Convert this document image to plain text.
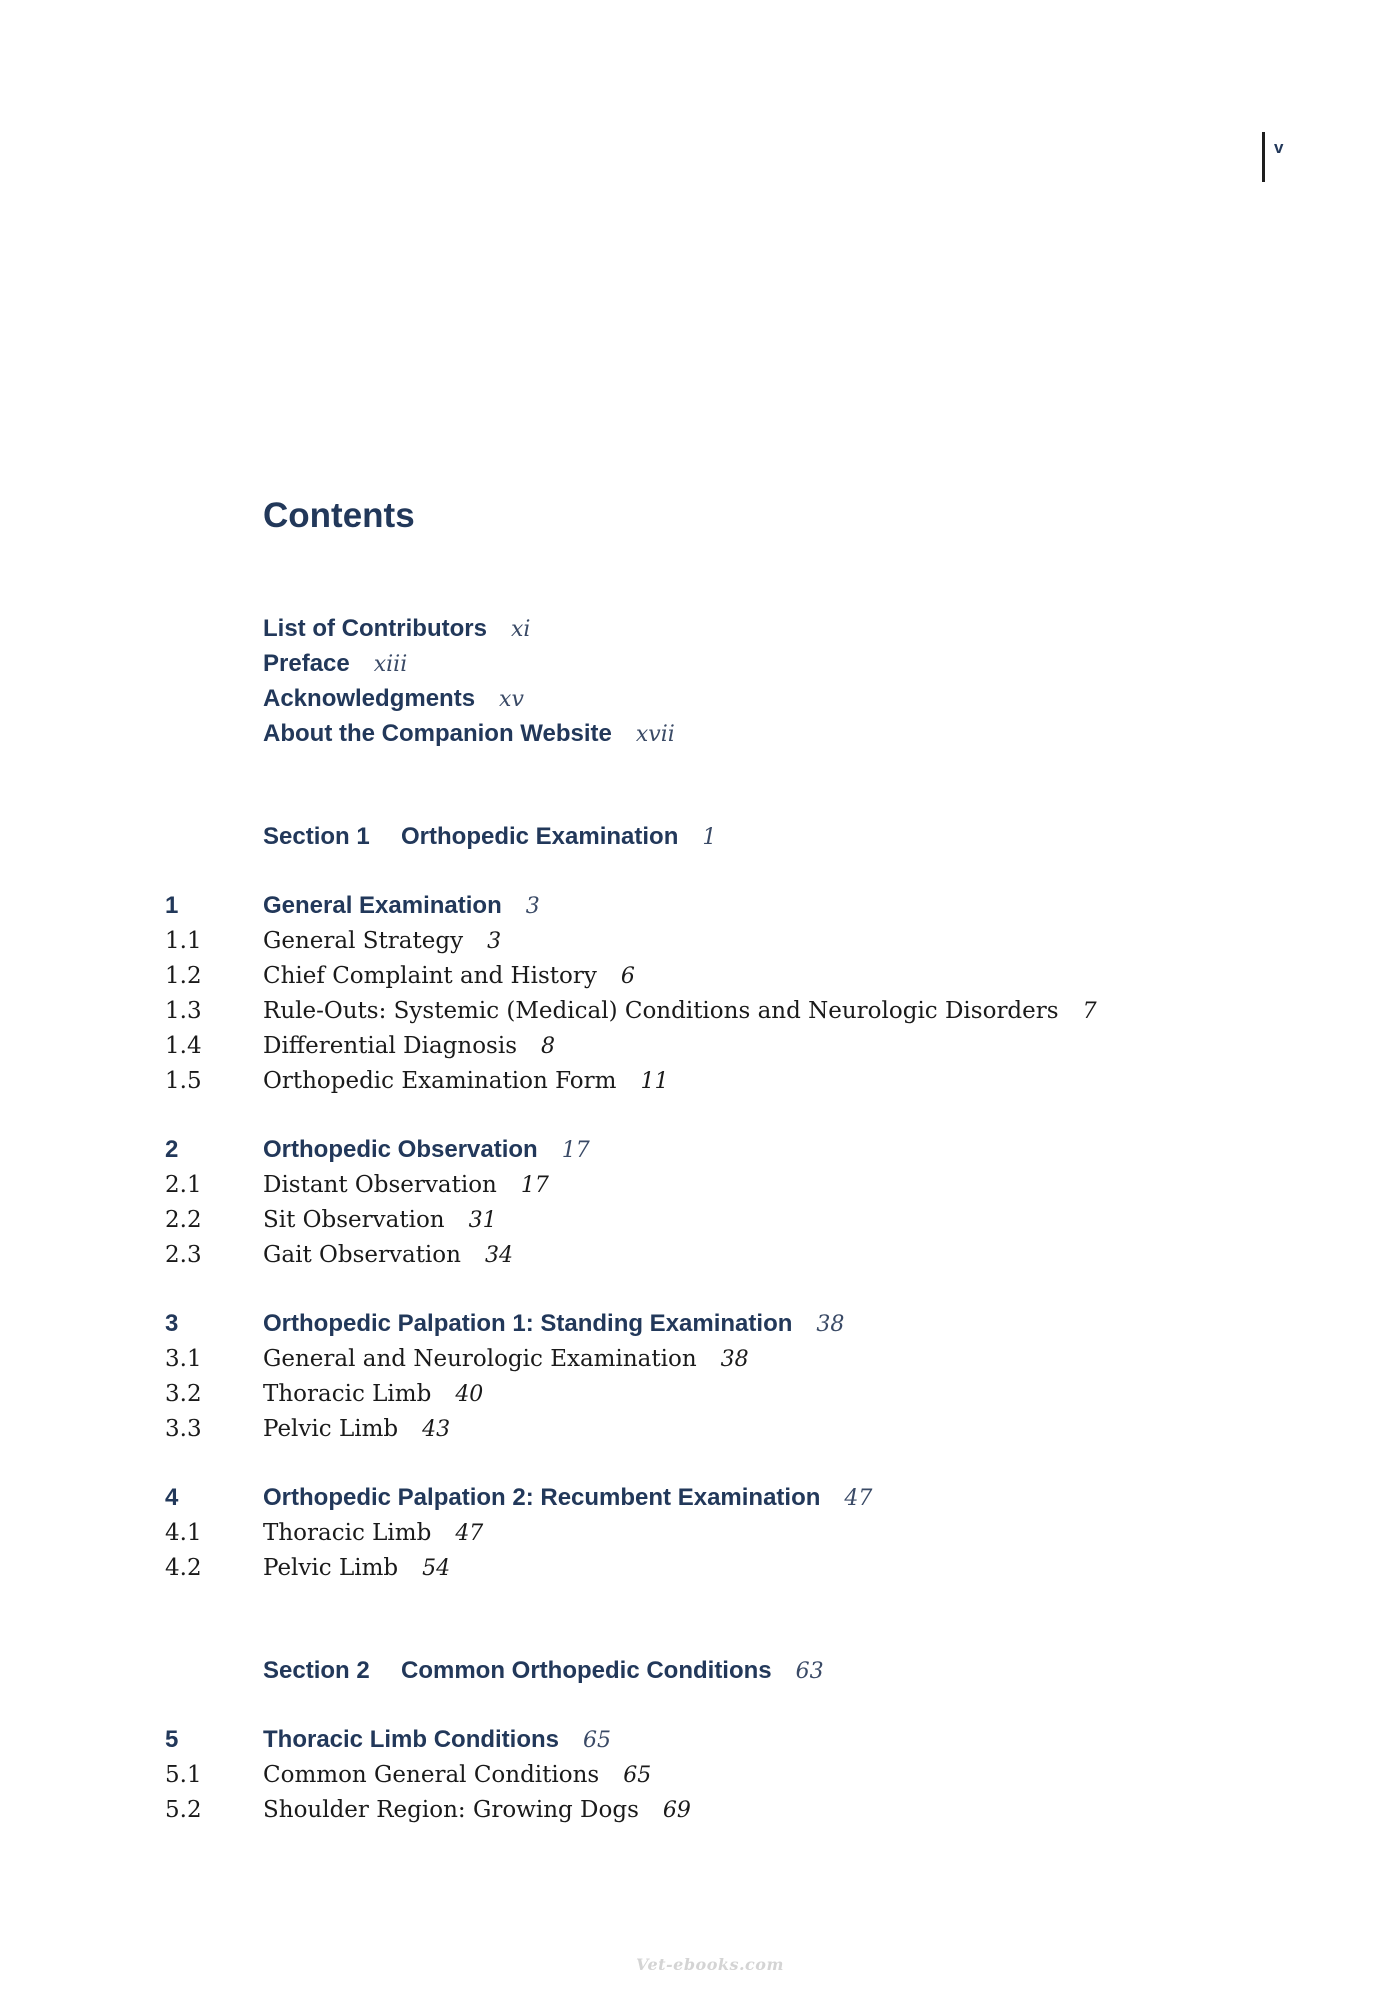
v
Contents
List of Contributors xi
Preface xiii
Acknowledgments xv
About the Companion Website xvii
Section 1 Orthopedic Examination 1
1	General Examination 3
1.1	General Strategy 3
1.2	Chief Complaint and History 6
1.3	Rule-Outs: Systemic (Medical) Conditions and Neurologic Disorders 7
1.4	Differential Diagnosis 8
1.5	Orthopedic Examination Form 11
2	Orthopedic Observation 17
2.1	Distant Observation 17
2.2	Sit Observation 31
2.3	Gait Observation 34
3	Orthopedic Palpation 1: Standing Examination 38
3.1	General and Neurologic Examination 38
3.2	Thoracic Limb 40
3.3	Pelvic Limb 43
4	Orthopedic Palpation 2: Recumbent Examination 47
4.1	Thoracic Limb 47
4.2	Pelvic Limb 54
Section 2 Common Orthopedic Conditions 63
5	Thoracic Limb Conditions 65
5.1	Common General Conditions 65
5.2	Shoulder Region: Growing Dogs 69
Vet-ebooks.com
